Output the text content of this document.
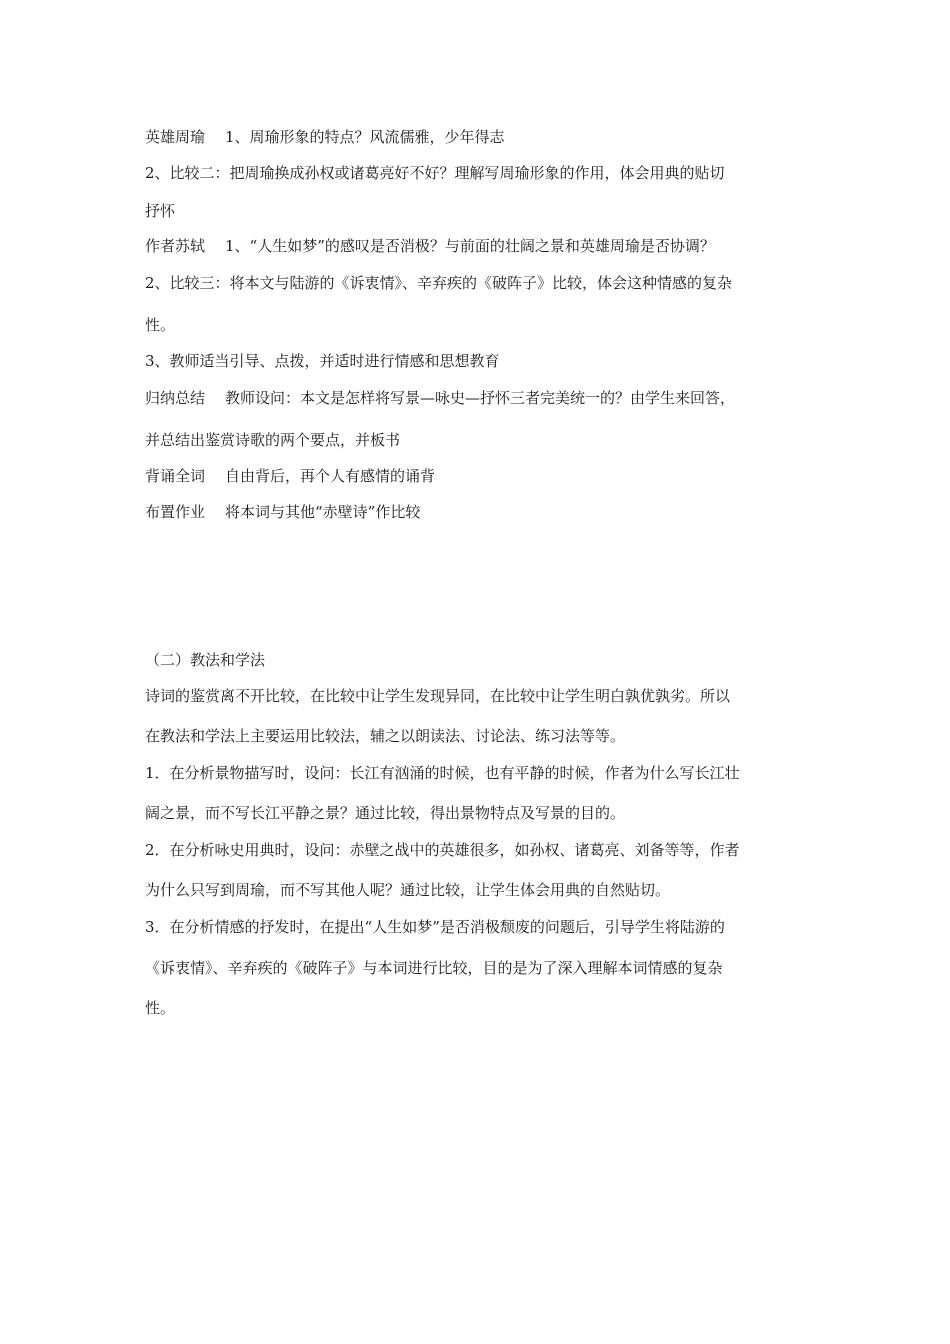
英雄周瑜 1、周瑜形象的特点？风流儒雅，少年得志
2、比较二：把周瑜换成孙权或诸葛亮好不好？理解写周瑜形象的作用，体会用典的贴切
抒怀
作者苏轼 1、“人生如梦”的感叹是否消极？与前面的壮阔之景和英雄周瑜是否协调？
2、比较三：将本文与陆游的《诉衷情》、辛弃疾的《破阵子》比较，体会这种情感的复杂
性。
3、教师适当引导、点拨，并适时进行情感和思想教育
归纳总结 教师设问：本文是怎样将写景—咏史—抒怀三者完美统一的？由学生来回答，
并总结出鉴赏诗歌的两个要点，并板书
背诵全词 自由背后，再个人有感情的诵背
布置作业 将本词与其他“赤壁诗”作比较
（二）教法和学法
诗词的鉴赏离不开比较，在比较中让学生发现异同，在比较中让学生明白孰优孰劣。所以
在教法和学法上主要运用比较法，辅之以朗读法、讨论法、练习法等等。
1．在分析景物描写时，设问：长江有汹涌的时候，也有平静的时候，作者为什么写长江壮
阔之景，而不写长江平静之景？通过比较，得出景物特点及写景的目的。
2．在分析咏史用典时，设问：赤壁之战中的英雄很多，如孙权、诸葛亮、刘备等等，作者
为什么只写到周瑜，而不写其他人呢？通过比较，让学生体会用典的自然贴切。
3．在分析情感的抒发时，在提出“人生如梦”是否消极颓废的问题后，引导学生将陆游的
《诉衷情》、辛弃疾的《破阵子》与本词进行比较，目的是为了深入理解本词情感的复杂
性。
